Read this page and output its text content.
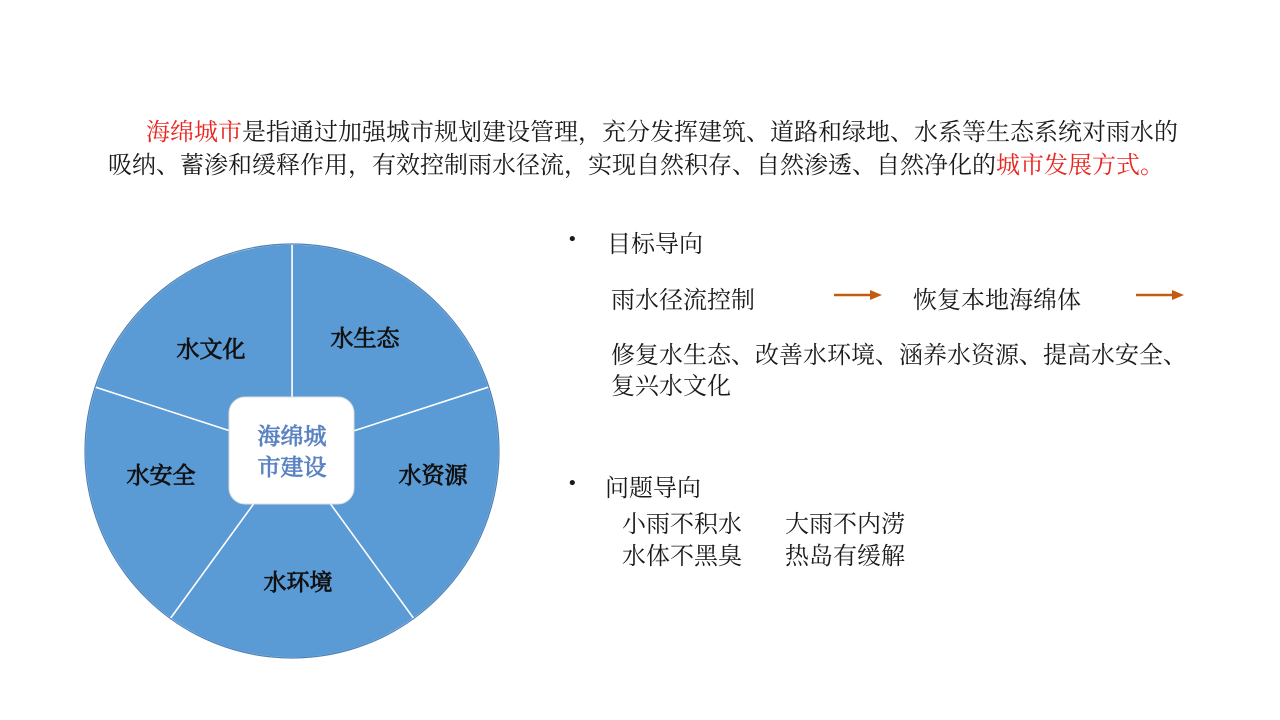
海绵城市是指通过加强城市规划建设管理，充分发挥建筑、道路和绿地、水系等生态系统对雨水的吸纳、蓄渗和缓释作用，有效控制雨水径流，实现自然积存、自然渗透、自然净化的城市发展方式。
海绵城
市建设
水生态
水资源
水环境
水安全
水文化
• 目标导向
雨水径流控制	恢复本地海绵体
修复水生态、改善水环境、涵养水资源、提高水安全、
复兴水文化
• 问题导向
小雨不积水 大雨不内涝
水体不黑臭 热岛有缓解
